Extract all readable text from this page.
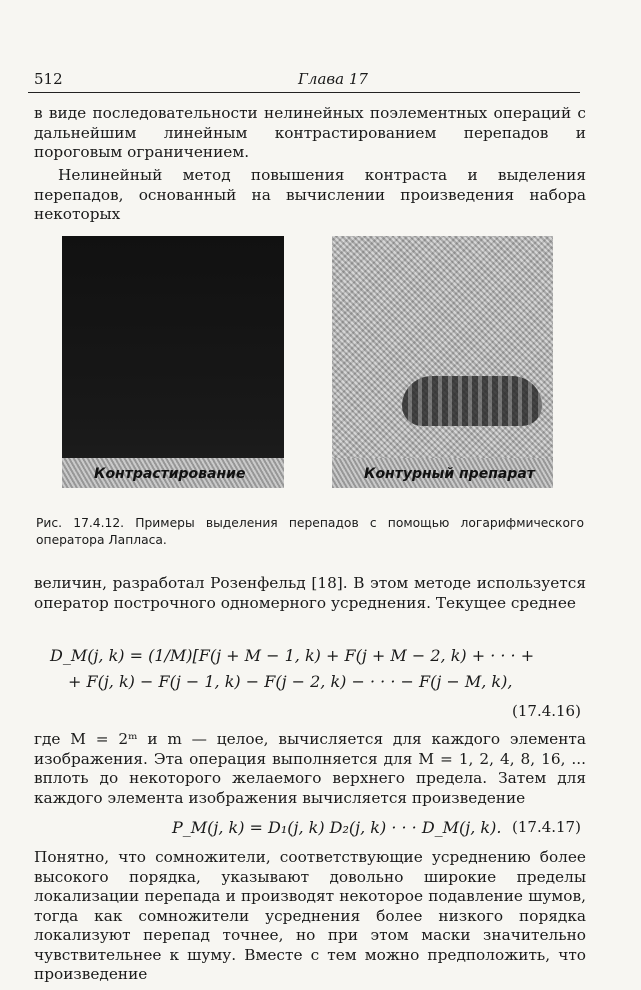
512	Глава 17
в виде последовательности нелинейных поэлементных операций с дальнейшим линейным контрастированием перепадов и пороговым ограничением.
Нелинейный метод повышения контраста и выделения перепадов, основанный на вычислении произведения набора некоторых
Контрастирование	Контурный препарат
Рис. 17.4.12. Примеры выделения перепадов с помощью логарифмического оператора Лапласа.
величин, разработал Розенфельд [18]. В этом методе используется оператор построчного одномерного усреднения. Текущее среднее
D_M(j, k) = (1/M)[F(j + M − 1, k) + F(j + M − 2, k) + · · · +
+ F(j, k) − F(j − 1, k) − F(j − 2, k) − · · · − F(j − M, k),
(17.4.16)
где M = 2ᵐ и m — целое, вычисляется для каждого элемента изображения. Эта операция выполняется для M = 1, 2, 4, 8, 16, ... вплоть до некоторого желаемого верхнего предела. Затем для каждого элемента изображения вычисляется произведение
P_M(j, k) = D₁(j, k) D₂(j, k) · · · D_M(j, k). (17.4.17)
Понятно, что сомножители, соответствующие усреднению более высокого порядка, указывают довольно широкие пределы локализации перепада и производят некоторое подавление шумов, тогда как сомножители усреднения более низкого порядка локализуют перепад точнее, но при этом маски значительно чувствительнее к шуму. Вместе с тем можно предположить, что произведение
